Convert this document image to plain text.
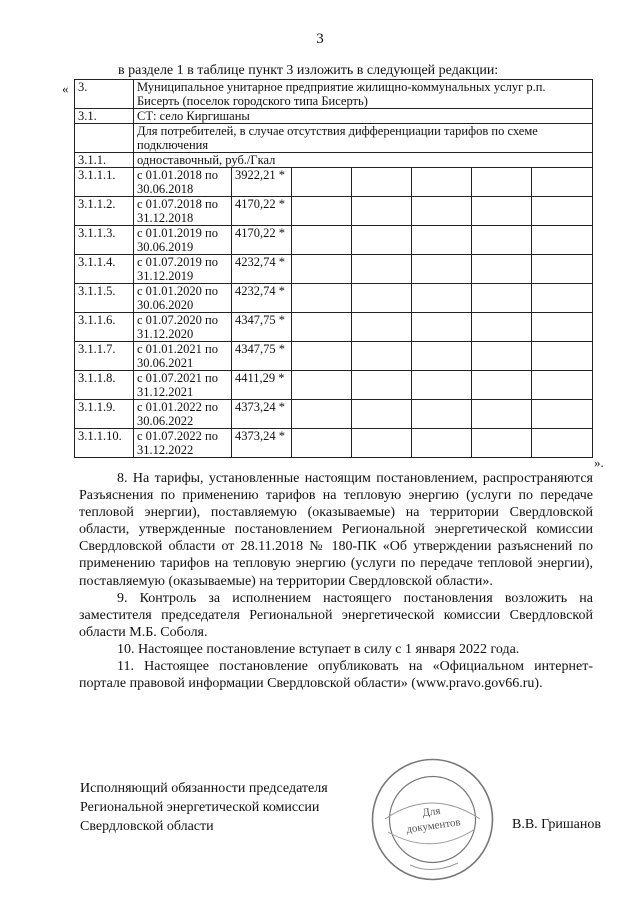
3
в разделе 1 в таблице пункт 3 изложить в следующей редакции:
« 3.	Муниципальное унитарное предприятие жилищно-коммунальных услуг р.п. Бисерть (поселок городского типа Бисерть)						
3.1.	СТ: село Киргишаны						
	Для потребителей, в случае отсутствия дифференциации тарифов по схеме подключения						
3.1.1.	одноставочный, руб./Гкал						
3.1.1.1.	с 01.01.2018 по 30.06.2018	3922,21 *					
3.1.1.2.	с 01.07.2018 по 31.12.2018	4170,22 *					
3.1.1.3.	с 01.01.2019 по 30.06.2019	4170,22 *					
3.1.1.4.	с 01.07.2019 по 31.12.2019	4232,74 *					
3.1.1.5.	с 01.01.2020 по 30.06.2020	4232,74 *					
3.1.1.6.	с 01.07.2020 по 31.12.2020	4347,75 *					
3.1.1.7.	с 01.01.2021 по 30.06.2021	4347,75 *					
3.1.1.8.	с 01.07.2021 по 31.12.2021	4411,29 *					
3.1.1.9.	с 01.01.2022 по 30.06.2022	4373,24 *					
3.1.1.10.	с 01.07.2022 по 31.12.2022	4373,24 *					
».

8. На тарифы, установленные настоящим постановлением, распространяются Разъяснения по применению тарифов на тепловую энергию (услуги по передаче тепловой энергии), поставляемую (оказываемые) на территории Свердловской области, утвержденные постановлением Региональной энергетической комиссии Свердловской области от 28.11.2018 № 180-ПК «Об утверждении разъяснений по применению тарифов на тепловую энергию (услуги по передаче тепловой энергии), поставляемую (оказываемые) на территории Свердловской области».

9. Контроль за исполнением настоящего постановления возложить на заместителя председателя Региональной энергетической комиссии Свердловской области М.Б. Соболя.

10. Настоящее постановление вступает в силу с 1 января 2022 года.

11. Настоящее постановление опубликовать на «Официальном интернет-портале правовой информации Свердловской области» (www.pravo.gov66.ru).

Исполняющий обязанности председателя
Региональной энергетической комиссии
Свердловской области	В.В. Гришанов
Для
документов
